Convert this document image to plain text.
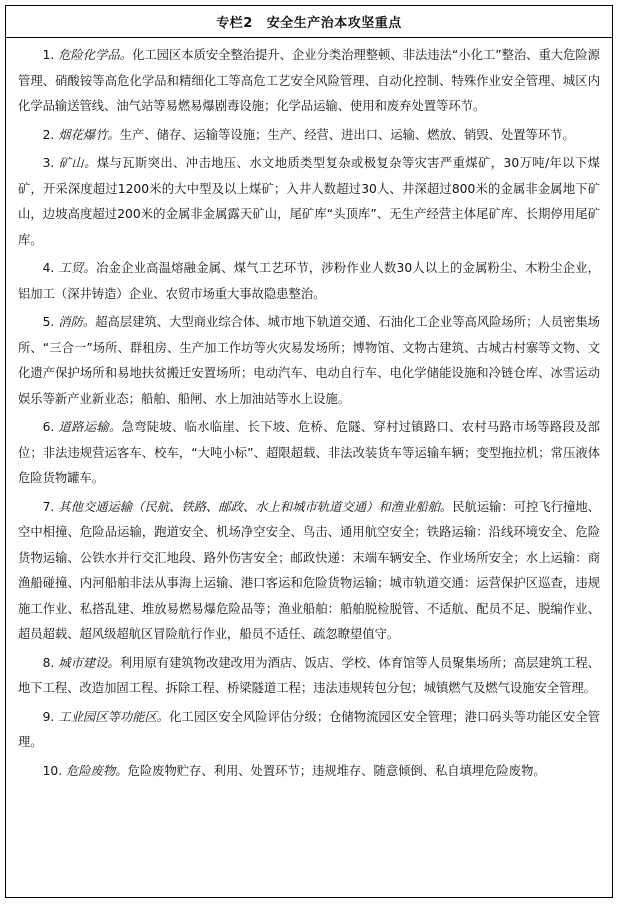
专栏2 安全生产治本攻坚重点

1. 危险化学品。化工园区本质安全整治提升、企业分类治理整顿、非法违法“小化工”整治、重大危险源管理、硝酸铵等高危化学品和精细化工等高危工艺安全风险管理、自动化控制、特殊作业安全管理、城区内化学品输送管线、油气站等易燃易爆剧毒设施；化学品运输、使用和废弃处置等环节。

2. 烟花爆竹。生产、储存、运输等设施；生产、经营、进出口、运输、燃放、销毁、处置等环节。

3. 矿山。煤与瓦斯突出、冲击地压、水文地质类型复杂或极复杂等灾害严重煤矿，30万吨/年以下煤矿，开采深度超过1200米的大中型及以上煤矿；入井人数超过30人、井深超过800米的金属非金属地下矿山，边坡高度超过200米的金属非金属露天矿山，尾矿库“头顶库”、无生产经营主体尾矿库、长期停用尾矿库。

4. 工贸。冶金企业高温熔融金属、煤气工艺环节，涉粉作业人数30人以上的金属粉尘、木粉尘企业，铝加工（深井铸造）企业、农贸市场重大事故隐患整治。

5. 消防。超高层建筑、大型商业综合体、城市地下轨道交通、石油化工企业等高风险场所；人员密集场所、“三合一”场所、群租房、生产加工作坊等火灾易发场所；博物馆、文物古建筑、古城古村寨等文物、文化遗产保护场所和易地扶贫搬迁安置场所；电动汽车、电动自行车、电化学储能设施和冷链仓库、冰雪运动娱乐等新产业新业态；船舶、船闸、水上加油站等水上设施。

6. 道路运输。急弯陡坡、临水临崖、长下坡、危桥、危隧、穿村过镇路口、农村马路市场等路段及部位；非法违规营运客车、校车，“大吨小标”、超限超载、非法改装货车等运输车辆；变型拖拉机；常压液体危险货物罐车。

7. 其他交通运输（民航、铁路、邮政、水上和城市轨道交通）和渔业船舶。民航运输：可控飞行撞地、空中相撞、危险品运输，跑道安全、机场净空安全、鸟击、通用航空安全；铁路运输：沿线环境安全、危险货物运输、公铁水并行交汇地段、路外伤害安全；邮政快递：末端车辆安全、作业场所安全；水上运输：商渔船碰撞、内河船舶非法从事海上运输、港口客运和危险货物运输；城市轨道交通：运营保护区巡查，违规施工作业、私搭乱建、堆放易燃易爆危险品等；渔业船舶：船舶脱检脱管、不适航、配员不足、脱编作业、超员超载、超风级超航区冒险航行作业，船员不适任、疏忽瞭望值守。

8. 城市建设。利用原有建筑物改建改用为酒店、饭店、学校、体育馆等人员聚集场所；高层建筑工程、地下工程、改造加固工程、拆除工程、桥梁隧道工程；违法违规转包分包；城镇燃气及燃气设施安全管理。

9. 工业园区等功能区。化工园区安全风险评估分级；仓储物流园区安全管理；港口码头等功能区安全管理。

10. 危险废物。危险废物贮存、利用、处置环节；违规堆存、随意倾倒、私自填埋危险废物。
